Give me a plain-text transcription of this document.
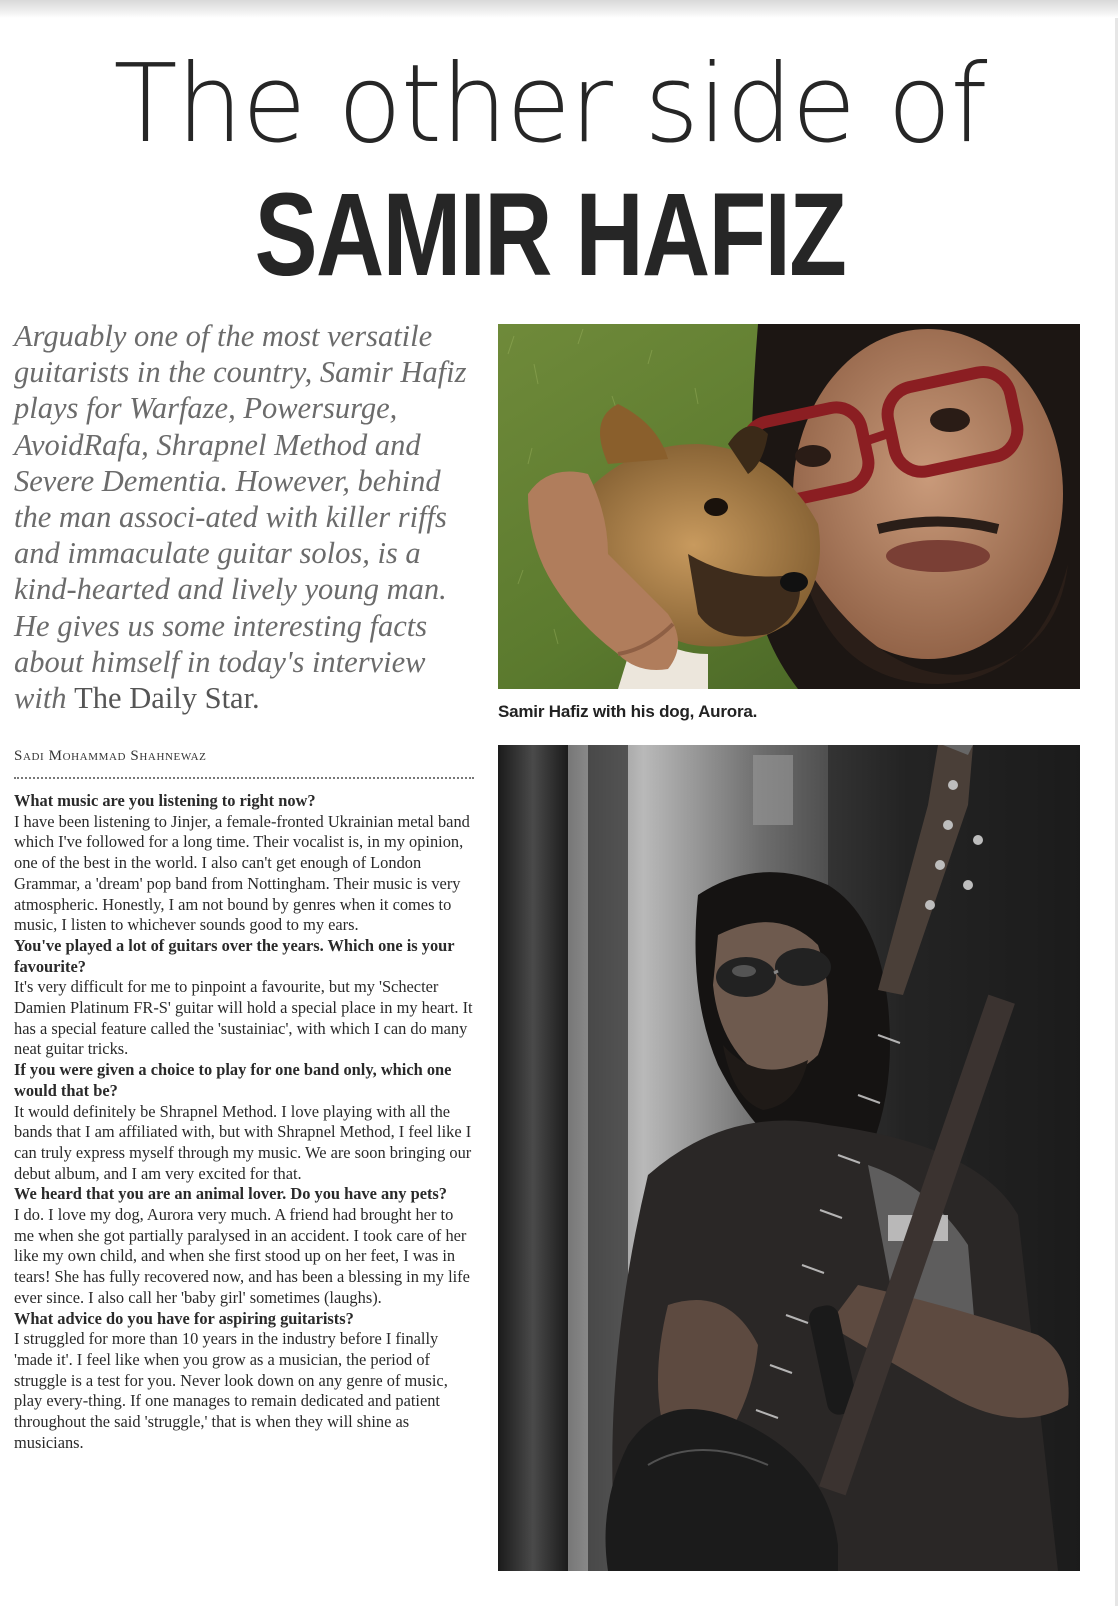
The other side of
SAMIR HAFIZ

Arguably one of the most versatile guitarists in the country, Samir Hafiz plays for Warfaze, Powersurge, AvoidRafa, Shrapnel Method and Severe Dementia. However, behind the man associ-ated with killer riffs and immaculate guitar solos, is a kind-hearted and lively young man. He gives us some interesting facts about himself in today's interview with The Daily Star.	Samir Hafiz with his dog, Aurora.
Sadi Mohammad Shahnewaz

What music are you listening to right now?

I have been listening to Jinjer, a female-fronted Ukrainian metal band which I've followed for a long time. Their vocalist is, in my opinion, one of the best in the world. I also can't get enough of London Grammar, a 'dream' pop band from Nottingham. Their music is very atmospheric. Honestly, I am not bound by genres when it comes to music, I listen to whichever sounds good to my ears.

You've played a lot of guitars over the years. Which one is your favourite?

It's very difficult for me to pinpoint a favourite, but my 'Schecter Damien Platinum FR-S' guitar will hold a special place in my heart. It has a special feature called the 'sustainiac', with which I can do many neat guitar tricks.

If you were given a choice to play for one band only, which one would that be?

It would definitely be Shrapnel Method. I love playing with all the bands that I am affiliated with, but with Shrapnel Method, I feel like I can truly express myself through my music. We are soon bringing our debut album, and I am very excited for that.

We heard that you are an animal lover. Do you have any pets?

I do. I love my dog, Aurora very much. A friend had brought her to me when she got partially paralysed in an accident. I took care of her like my own child, and when she first stood up on her feet, I was in tears! She has fully recovered now, and has been a blessing in my life ever since. I also call her 'baby girl' sometimes (laughs).

What advice do you have for aspiring guitarists?

I struggled for more than 10 years in the industry before I finally 'made it'. I feel like when you grow as a musician, the period of struggle is a test for you. Never look down on any genre of music, play every-thing. If one manages to remain dedicated and patient throughout the said 'struggle,' that is when they will shine as musicians.
